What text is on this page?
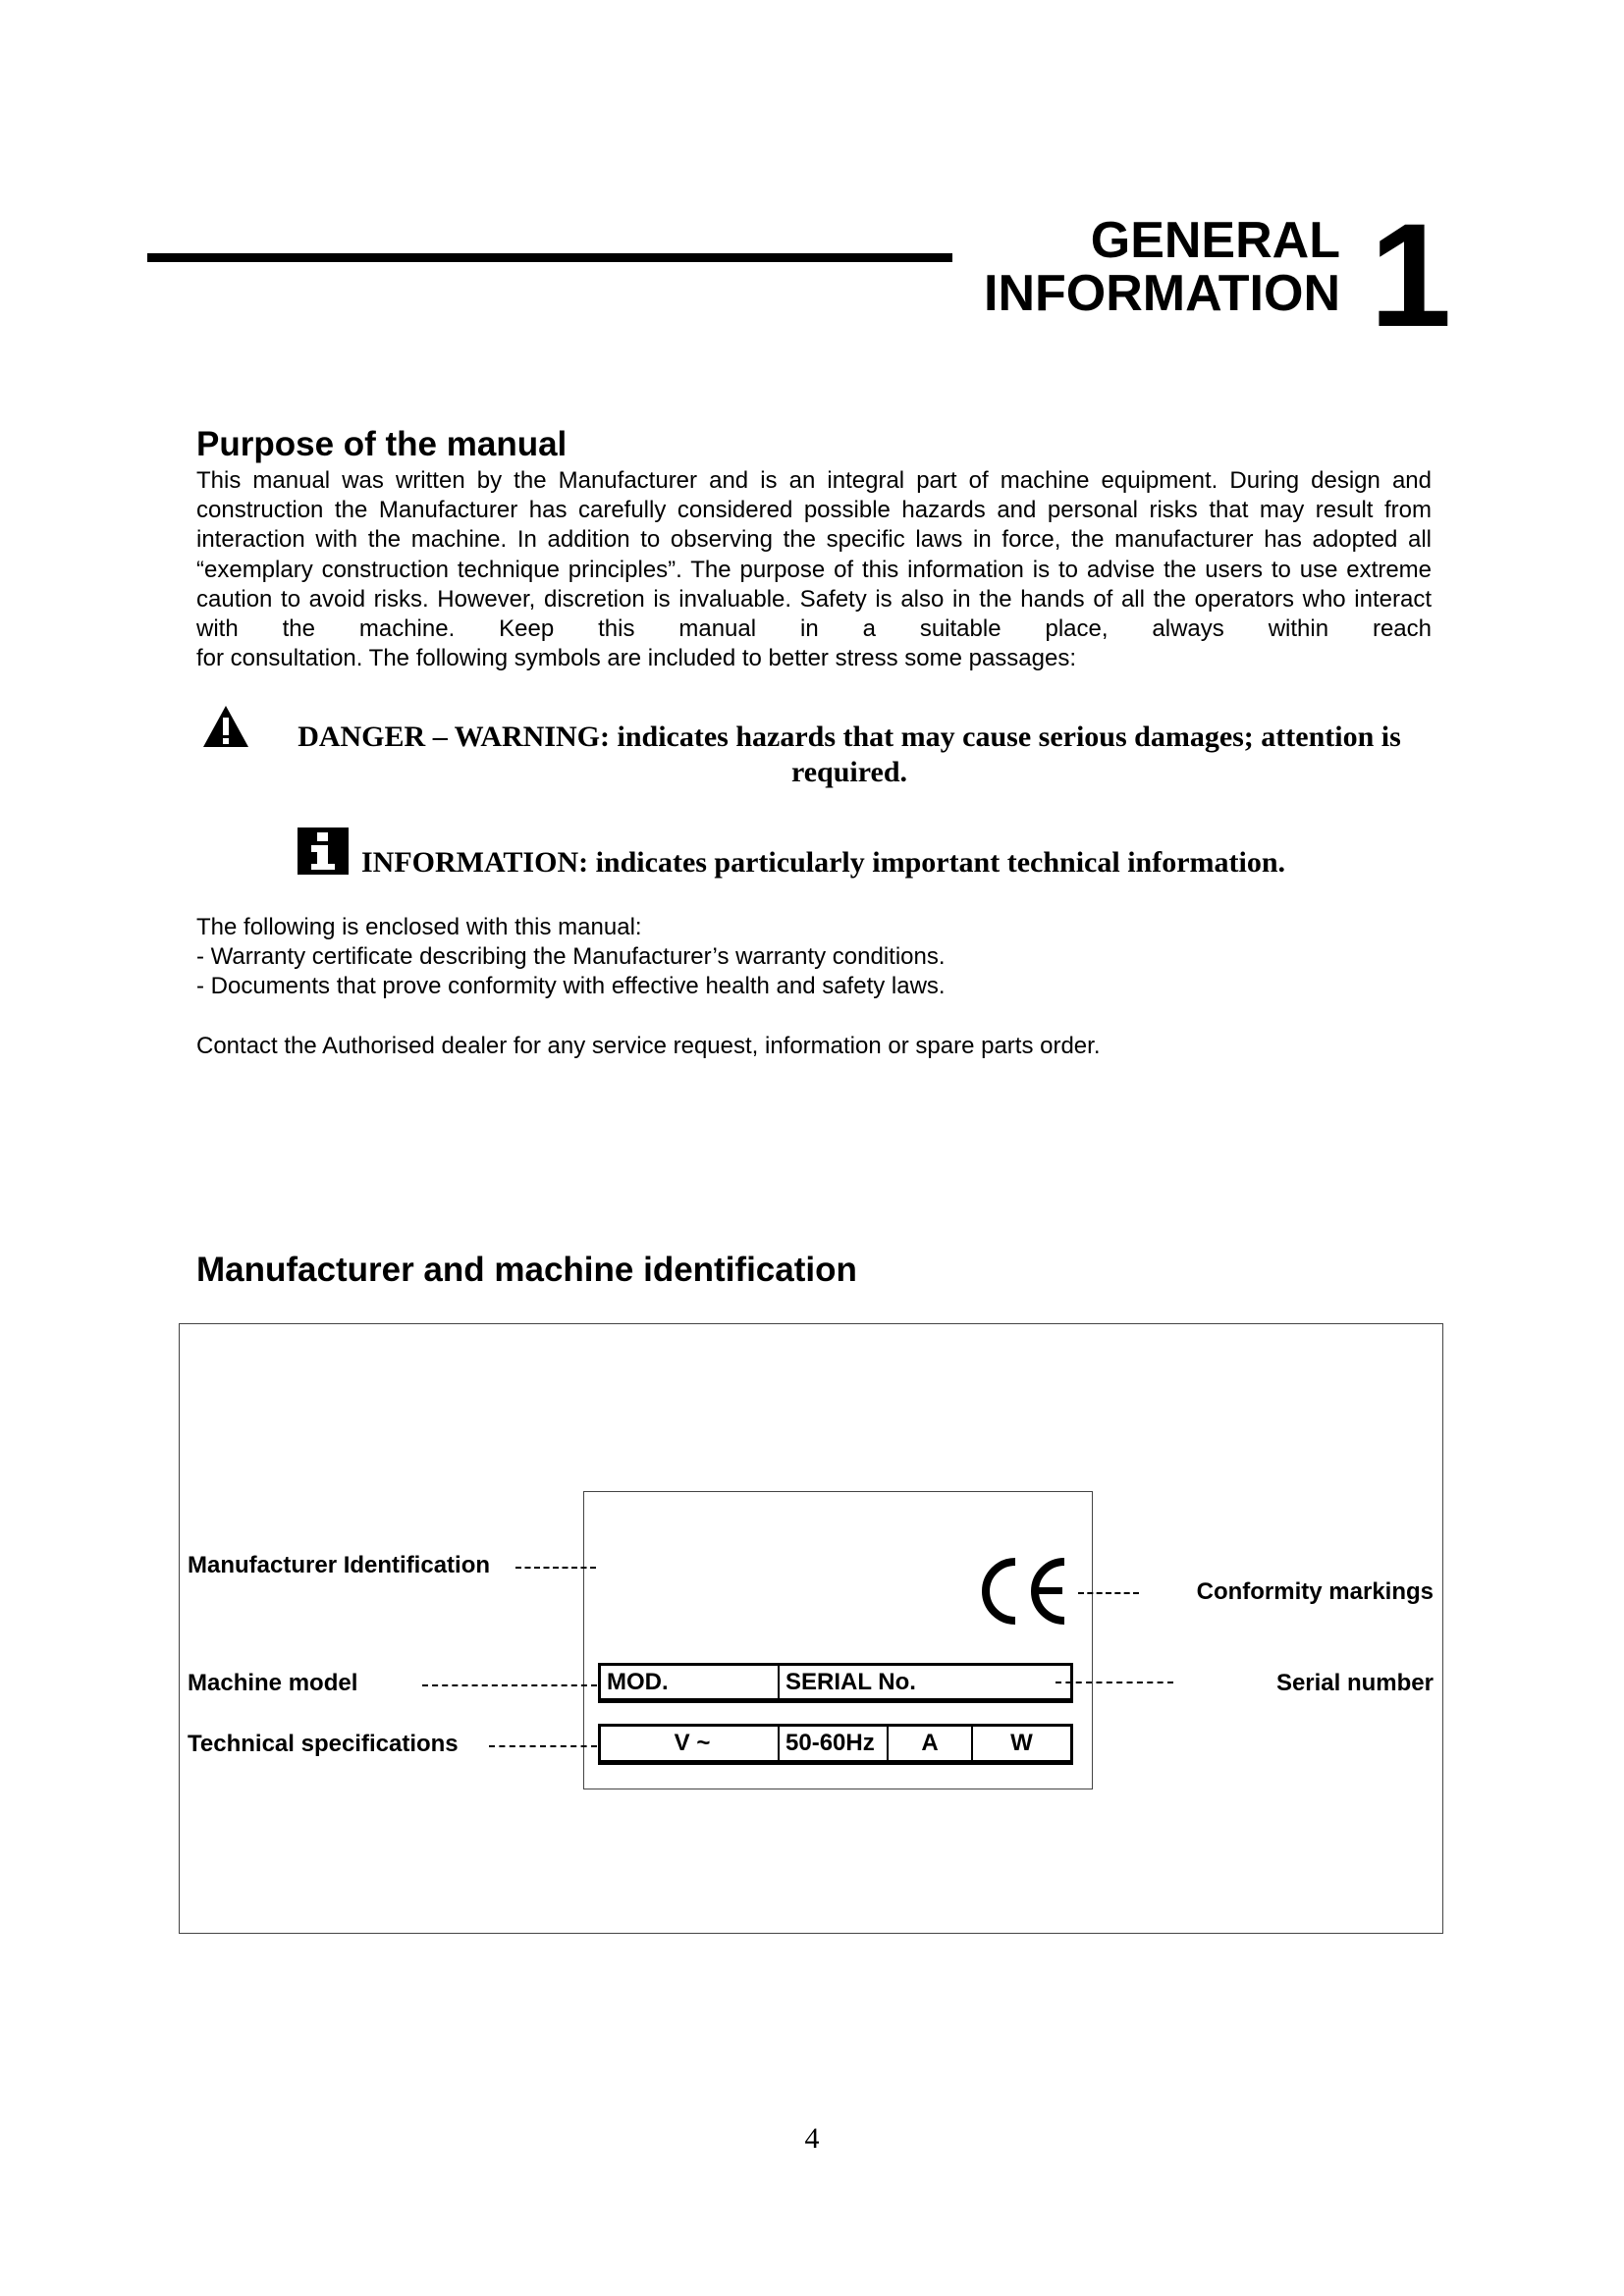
GENERAL
INFORMATION 1
Purpose of the manual
This manual was written by the Manufacturer and is an integral part of machine equipment. During design and construction the Manufacturer has carefully considered possible hazards and personal risks that may result from interaction with the machine. In addition to observing the specific laws in force, the manufacturer has adopted all “exemplary construction technique principles”. The purpose of this information is to advise the users to use extreme caution to avoid risks. However, discretion is invaluable. Safety is also in the hands of all the operators who interact with the machine. Keep this manual in a suitable place, always within reach
for consultation. The following symbols are included to better stress some passages:
DANGER – WARNING: indicates hazards that may cause serious damages; attention is required.
INFORMATION: indicates particularly important technical information.
The following is enclosed with this manual:
- Warranty certificate describing the Manufacturer’s warranty conditions.
- Documents that prove conformity with effective health and safety laws.
Contact the Authorised dealer for any service request, information or spare parts order.
Manufacturer and machine identification
Manufacturer Identification
Machine model
Technical specifications
Conformity markings
Serial number
MOD.	SERIAL No.
V ~	50-60Hz	A	W
4
